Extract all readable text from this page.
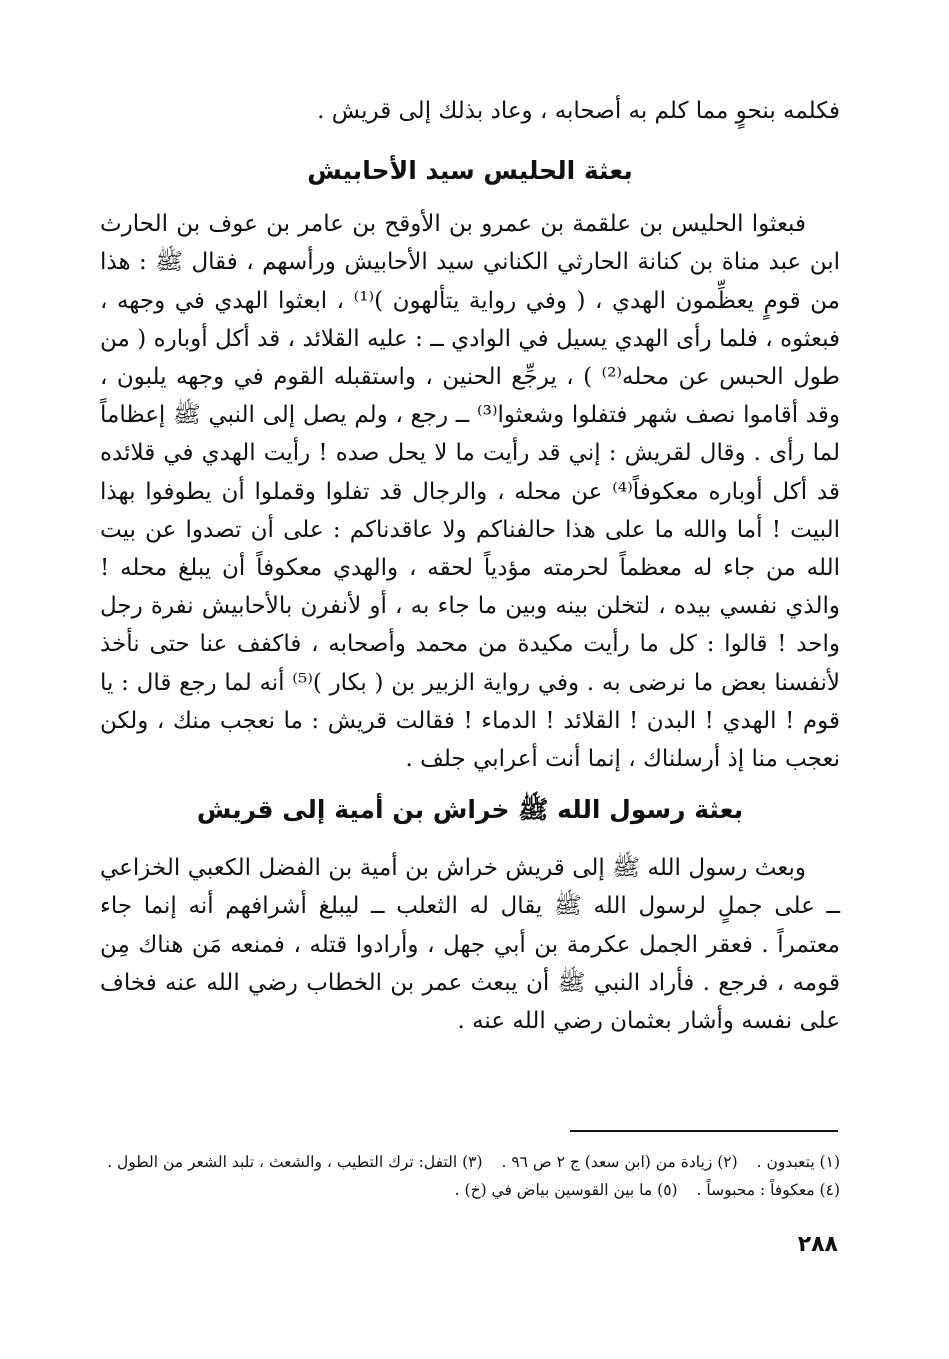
فكلمه بنحوٍ مما كلم به أصحابه ، وعاد بذلك إلى قريش .

بعثة الحليس سيد الأحابيش

فبعثوا الحليس بن علقمة بن عمرو بن الأوقح بن عامر بن عوف بن الحارث ابن عبد مناة بن كنانة الحارثي الكناني سيد الأحابيش ورأسهم ، فقال ﷺ : هذا من قومٍ يعظِّمون الهدي ، ( وفي رواية يتألهون )⁽¹⁾ ، ابعثوا الهدي في وجهه ، فبعثوه ، فلما رأى الهدي يسيل في الوادي ــ : عليه القلائد ، قد أكل أوباره ( من طول الحبس عن محله⁽²⁾ ) ، يرجِّع الحنين ، واستقبله القوم في وجهه يلبون ، وقد أقاموا نصف شهر فتفلوا وشعثوا⁽³⁾ ــ رجع ، ولم يصل إلى النبي ﷺ إعظاماً لما رأى . وقال لقريش : إني قد رأيت ما لا يحل صده ! رأيت الهدي في قلائده قد أكل أوباره معكوفاً⁽⁴⁾ عن محله ، والرجال قد تفلوا وقملوا أن يطوفوا بهذا البيت ! أما والله ما على هذا حالفناكم ولا عاقدناكم : على أن تصدوا عن بيت الله من جاء له معظماً لحرمته مؤدياً لحقه ، والهدي معكوفاً أن يبلغ محله ! والذي نفسي بيده ، لتخلن بينه وبين ما جاء به ، أو لأنفرن بالأحابيش نفرة رجل واحد ! قالوا : كل ما رأيت مكيدة من محمد وأصحابه ، فاكفف عنا حتى نأخذ لأنفسنا بعض ما نرضى به . وفي رواية الزبير بن ( بكار )⁽⁵⁾ أنه لما رجع قال : يا قوم ! الهدي ! البدن ! القلائد ! الدماء ! فقالت قريش : ما نعجب منك ، ولكن نعجب منا إذ أرسلناك ، إنما أنت أعرابي جلف .

بعثة رسول الله ﷺ خراش بن أمية إلى قريش

وبعث رسول الله ﷺ إلى قريش خراش بن أمية بن الفضل الكعبي الخزاعي ــ على جملٍ لرسول الله ﷺ يقال له الثعلب ــ ليبلغ أشرافهم أنه إنما جاء معتمراً . فعقر الجمل عكرمة بن أبي جهل ، وأرادوا قتله ، فمنعه مَن هناك مِن قومه ، فرجع . فأراد النبي ﷺ أن يبعث عمر بن الخطاب رضي الله عنه فخاف على نفسه وأشار بعثمان رضي الله عنه .

(١) يتعبدون . (٢) زيادة من (ابن سعد) ج ٢ ص ٩٦ . (٣) التفل: ترك التطيب ، والشعث ، تلبد الشعر من الطول .
(٤) معكوفاً : محبوساً . (٥) ما بين القوسين بياض في (خ) .
٢٨٨
